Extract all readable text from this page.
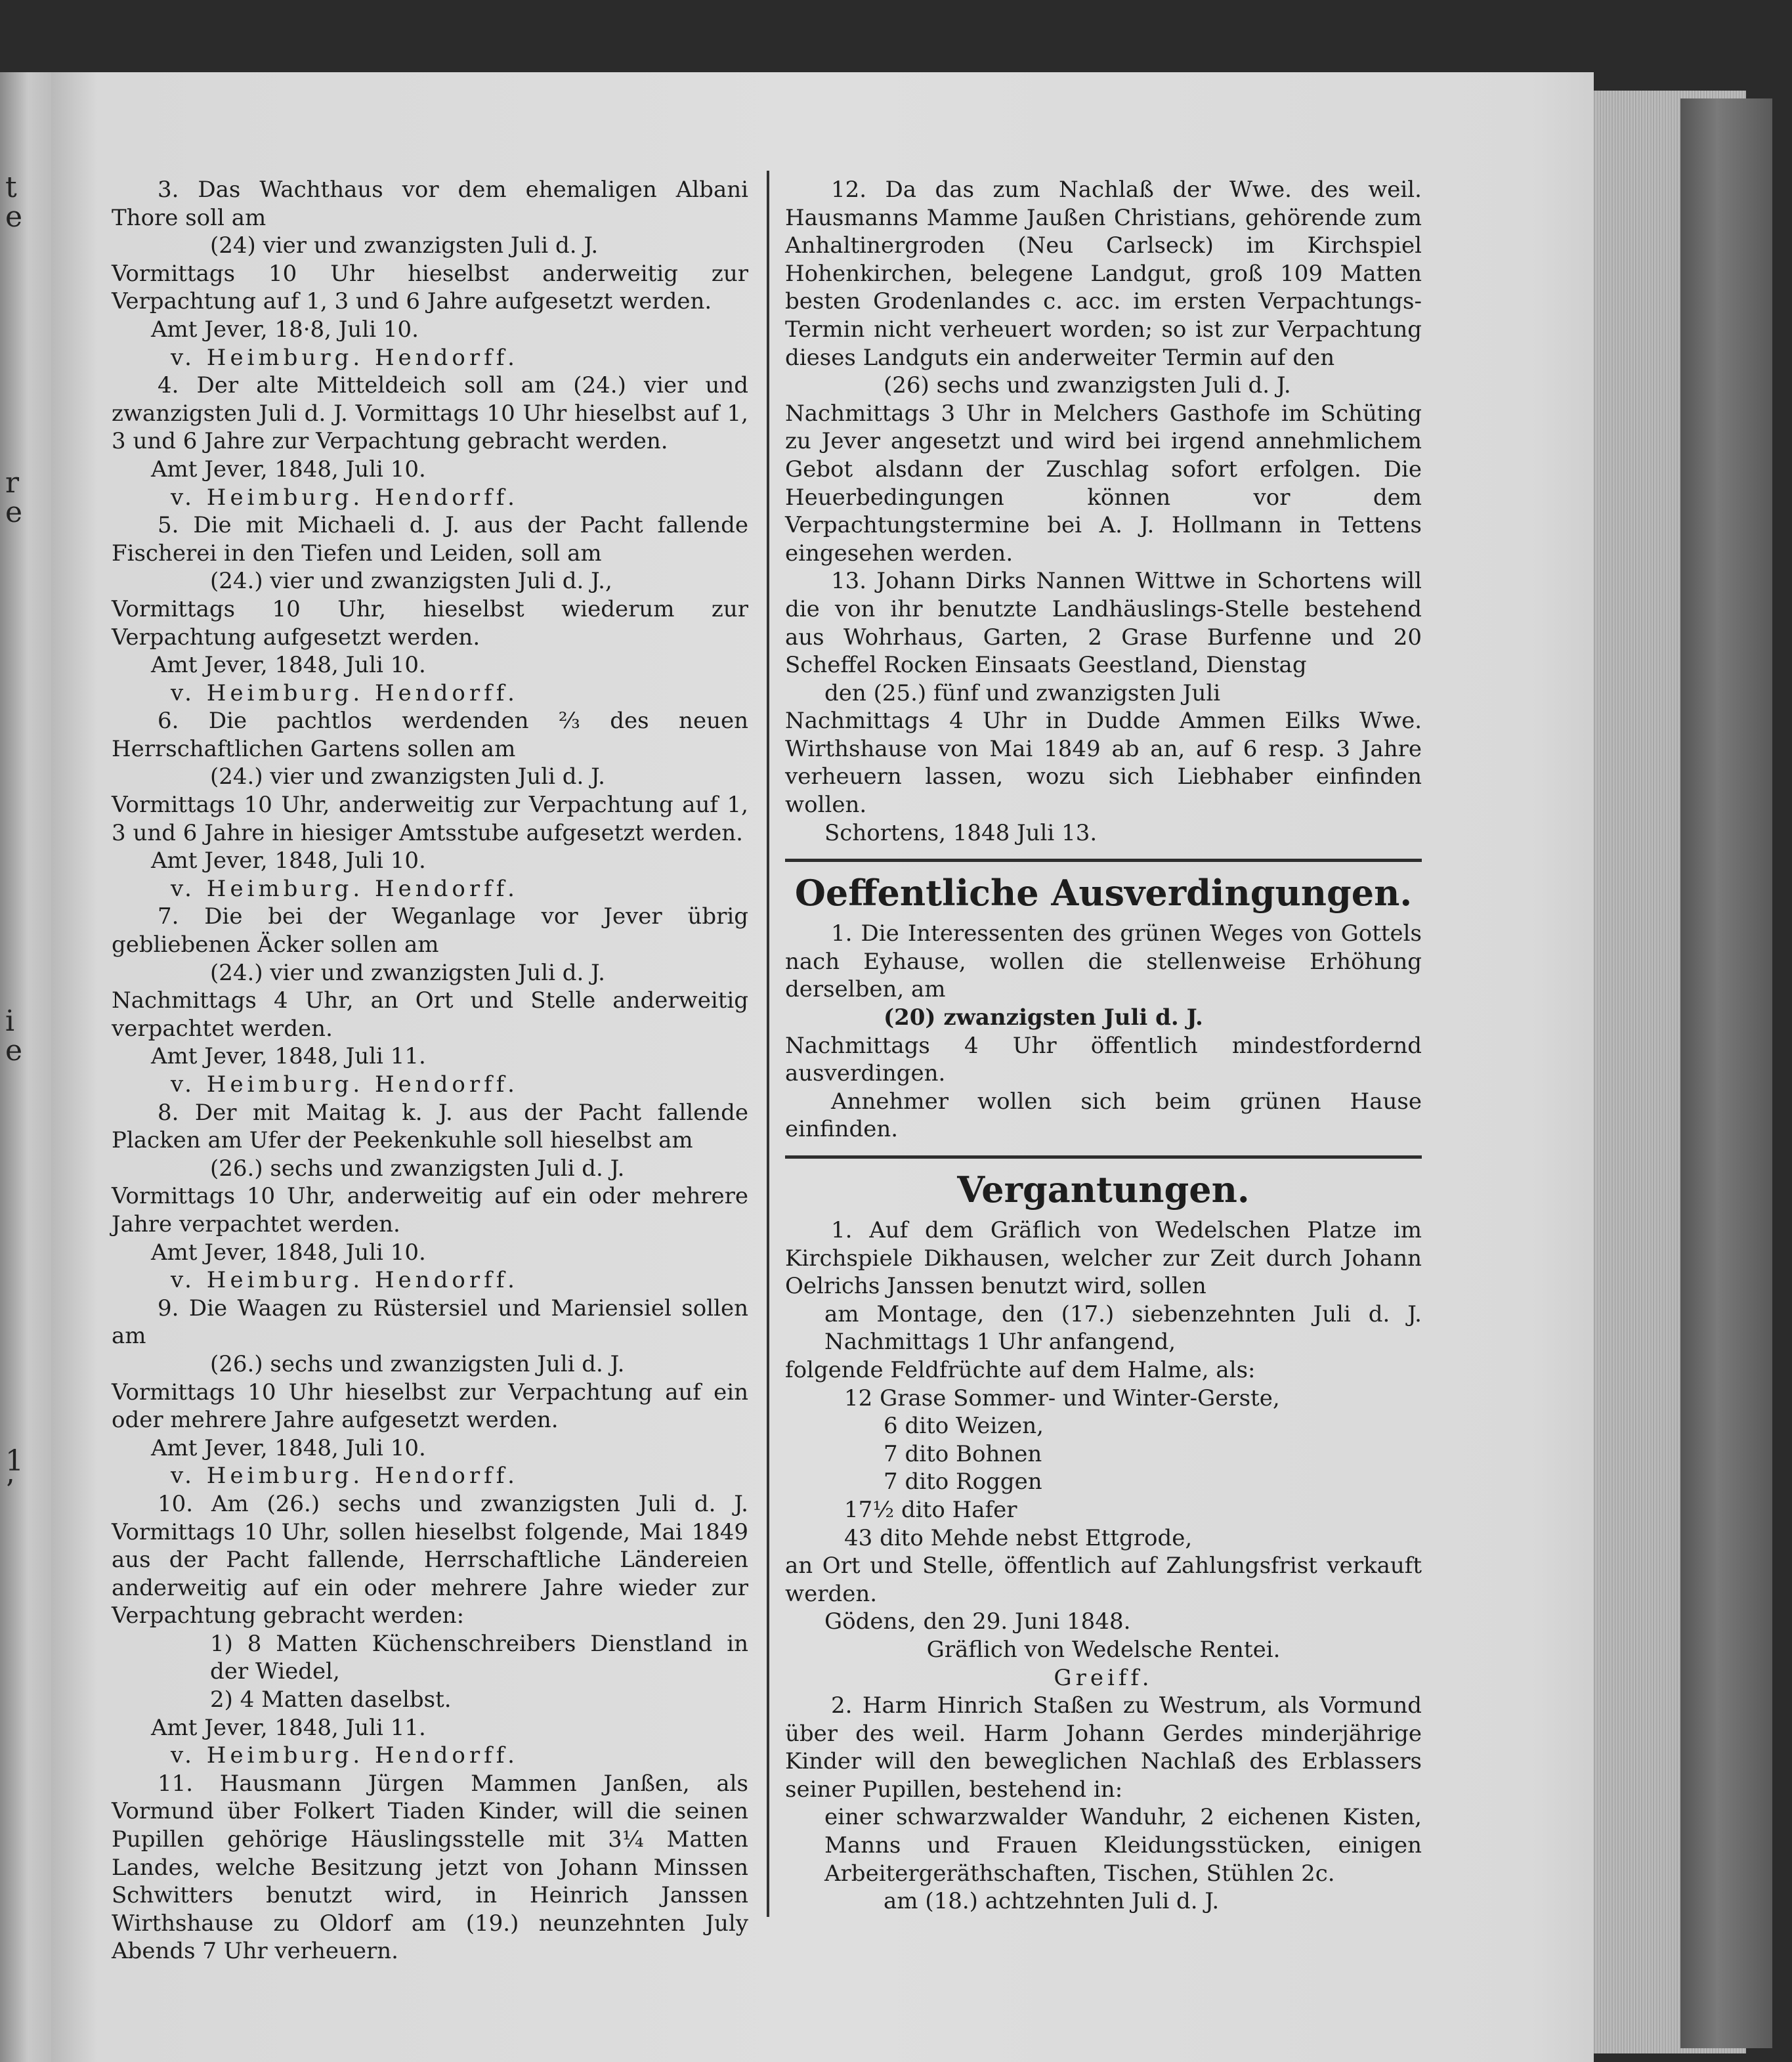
t
e
r
e
i
e
1
’

3. Das Wachthaus vor dem ehemaligen Albani Thore soll am

(24) vier und zwanzigsten Juli d. J.

Vormittags 10 Uhr hieselbst anderweitig zur Verpachtung auf 1, 3 und 6 Jahre aufgesetzt werden.

Amt Jever, 18·8, Juli 10.

v. Heimburg. Hendorff.

4. Der alte Mitteldeich soll am (24.) vier und zwanzigsten Juli d. J. Vormittags 10 Uhr hieselbst auf 1, 3 und 6 Jahre zur Verpachtung gebracht werden.

Amt Jever, 1848, Juli 10.

v. Heimburg. Hendorff.

5. Die mit Michaeli d. J. aus der Pacht fallende Fischerei in den Tiefen und Leiden, soll am

(24.) vier und zwanzigsten Juli d. J.,

Vormittags 10 Uhr, hieselbst wiederum zur Verpachtung aufgesetzt werden.

Amt Jever, 1848, Juli 10.

v. Heimburg. Hendorff.

6. Die pachtlos werdenden ⅔ des neuen Herrschaftlichen Gartens sollen am

(24.) vier und zwanzigsten Juli d. J.

Vormittags 10 Uhr, anderweitig zur Verpachtung auf 1, 3 und 6 Jahre in hiesiger Amtsstube aufgesetzt werden.

Amt Jever, 1848, Juli 10.

v. Heimburg. Hendorff.

7. Die bei der Weganlage vor Jever übrig gebliebenen Äcker sollen am

(24.) vier und zwanzigsten Juli d. J.

Nachmittags 4 Uhr, an Ort und Stelle anderweitig verpachtet werden.

Amt Jever, 1848, Juli 11.

v. Heimburg. Hendorff.

8. Der mit Maitag k. J. aus der Pacht fallende Placken am Ufer der Peekenkuhle soll hieselbst am

(26.) sechs und zwanzigsten Juli d. J.

Vormittags 10 Uhr, anderweitig auf ein oder mehrere Jahre verpachtet werden.

Amt Jever, 1848, Juli 10.

v. Heimburg. Hendorff.

9. Die Waagen zu Rüstersiel und Mariensiel sollen am

(26.) sechs und zwanzigsten Juli d. J.

Vormittags 10 Uhr hieselbst zur Verpachtung auf ein oder mehrere Jahre aufgesetzt werden.

Amt Jever, 1848, Juli 10.

v. Heimburg. Hendorff.

10. Am (26.) sechs und zwanzigsten Juli d. J. Vormittags 10 Uhr, sollen hieselbst folgende, Mai 1849 aus der Pacht fallende, Herrschaftliche Ländereien anderweitig auf ein oder mehrere Jahre wieder zur Verpachtung gebracht werden:

1) 8 Matten Küchenschreibers Dienstland in der Wiedel,

2) 4 Matten daselbst.

Amt Jever, 1848, Juli 11.

v. Heimburg. Hendorff.

11. Hausmann Jürgen Mammen Janßen, als Vormund über Folkert Tiaden Kinder, will die seinen Pupillen gehörige Häuslingsstelle mit 3¼ Matten Landes, welche Besitzung jetzt von Johann Minssen Schwitters benutzt wird, in Heinrich Janssen Wirthshause zu Oldorf am (19.) neunzehnten July Abends 7 Uhr verheuern.

12. Da das zum Nachlaß der Wwe. des weil. Hausmanns Mamme Jaußen Christians, gehörende zum Anhaltinergroden (Neu Carlseck) im Kirchspiel Hohenkirchen, belegene Landgut, groß 109 Matten besten Grodenlandes c. acc. im ersten Verpachtungs-Termin nicht verheuert worden; so ist zur Verpachtung dieses Landguts ein anderweiter Termin auf den

(26) sechs und zwanzigsten Juli d. J.

Nachmittags 3 Uhr in Melchers Gasthofe im Schüting zu Jever angesetzt und wird bei irgend annehmlichem Gebot alsdann der Zuschlag sofort erfolgen. Die Heuerbedingungen können vor dem Verpachtungstermine bei A. J. Hollmann in Tettens eingesehen werden.

13. Johann Dirks Nannen Wittwe in Schortens will die von ihr benutzte Landhäuslings-Stelle bestehend aus Wohrhaus, Garten, 2 Grase Burfenne und 20 Scheffel Rocken Einsaats Geestland, Dienstag

den (25.) fünf und zwanzigsten Juli

Nachmittags 4 Uhr in Dudde Ammen Eilks Wwe. Wirthshause von Mai 1849 ab an, auf 6 resp. 3 Jahre verheuern lassen, wozu sich Liebhaber einfinden wollen.

Schortens, 1848 Juli 13.

Oeffentliche Ausverdingungen.

1. Die Interessenten des grünen Weges von Gottels nach Eyhause, wollen die stellenweise Erhöhung derselben, am

(20) zwanzigsten Juli d. J.

Nachmittags 4 Uhr öffentlich mindestfordernd ausverdingen.

Annehmer wollen sich beim grünen Hause einfinden.

Vergantungen.

1. Auf dem Gräflich von Wedelschen Platze im Kirchspiele Dikhausen, welcher zur Zeit durch Johann Oelrichs Janssen benutzt wird, sollen

am Montage, den (17.) siebenzehnten Juli d. J. Nachmittags 1 Uhr anfangend,

folgende Feldfrüchte auf dem Halme, als:

12 Grase Sommer- und Winter-Gerste,

6 dito Weizen,

7 dito Bohnen

7 dito Roggen

17½ dito Hafer

43 dito Mehde nebst Ettgrode,

an Ort und Stelle, öffentlich auf Zahlungsfrist verkauft werden.

Gödens, den 29. Juni 1848.

Gräflich von Wedelsche Rentei.

Greiff.

2. Harm Hinrich Staßen zu Westrum, als Vormund über des weil. Harm Johann Gerdes minderjährige Kinder will den beweglichen Nachlaß des Erblassers seiner Pupillen, bestehend in:

einer schwarzwalder Wanduhr, 2 eichenen Kisten, Manns und Frauen Kleidungsstücken, einigen Arbeitergeräthschaften, Tischen, Stühlen 2c.

am (18.) achtzehnten Juli d. J.
